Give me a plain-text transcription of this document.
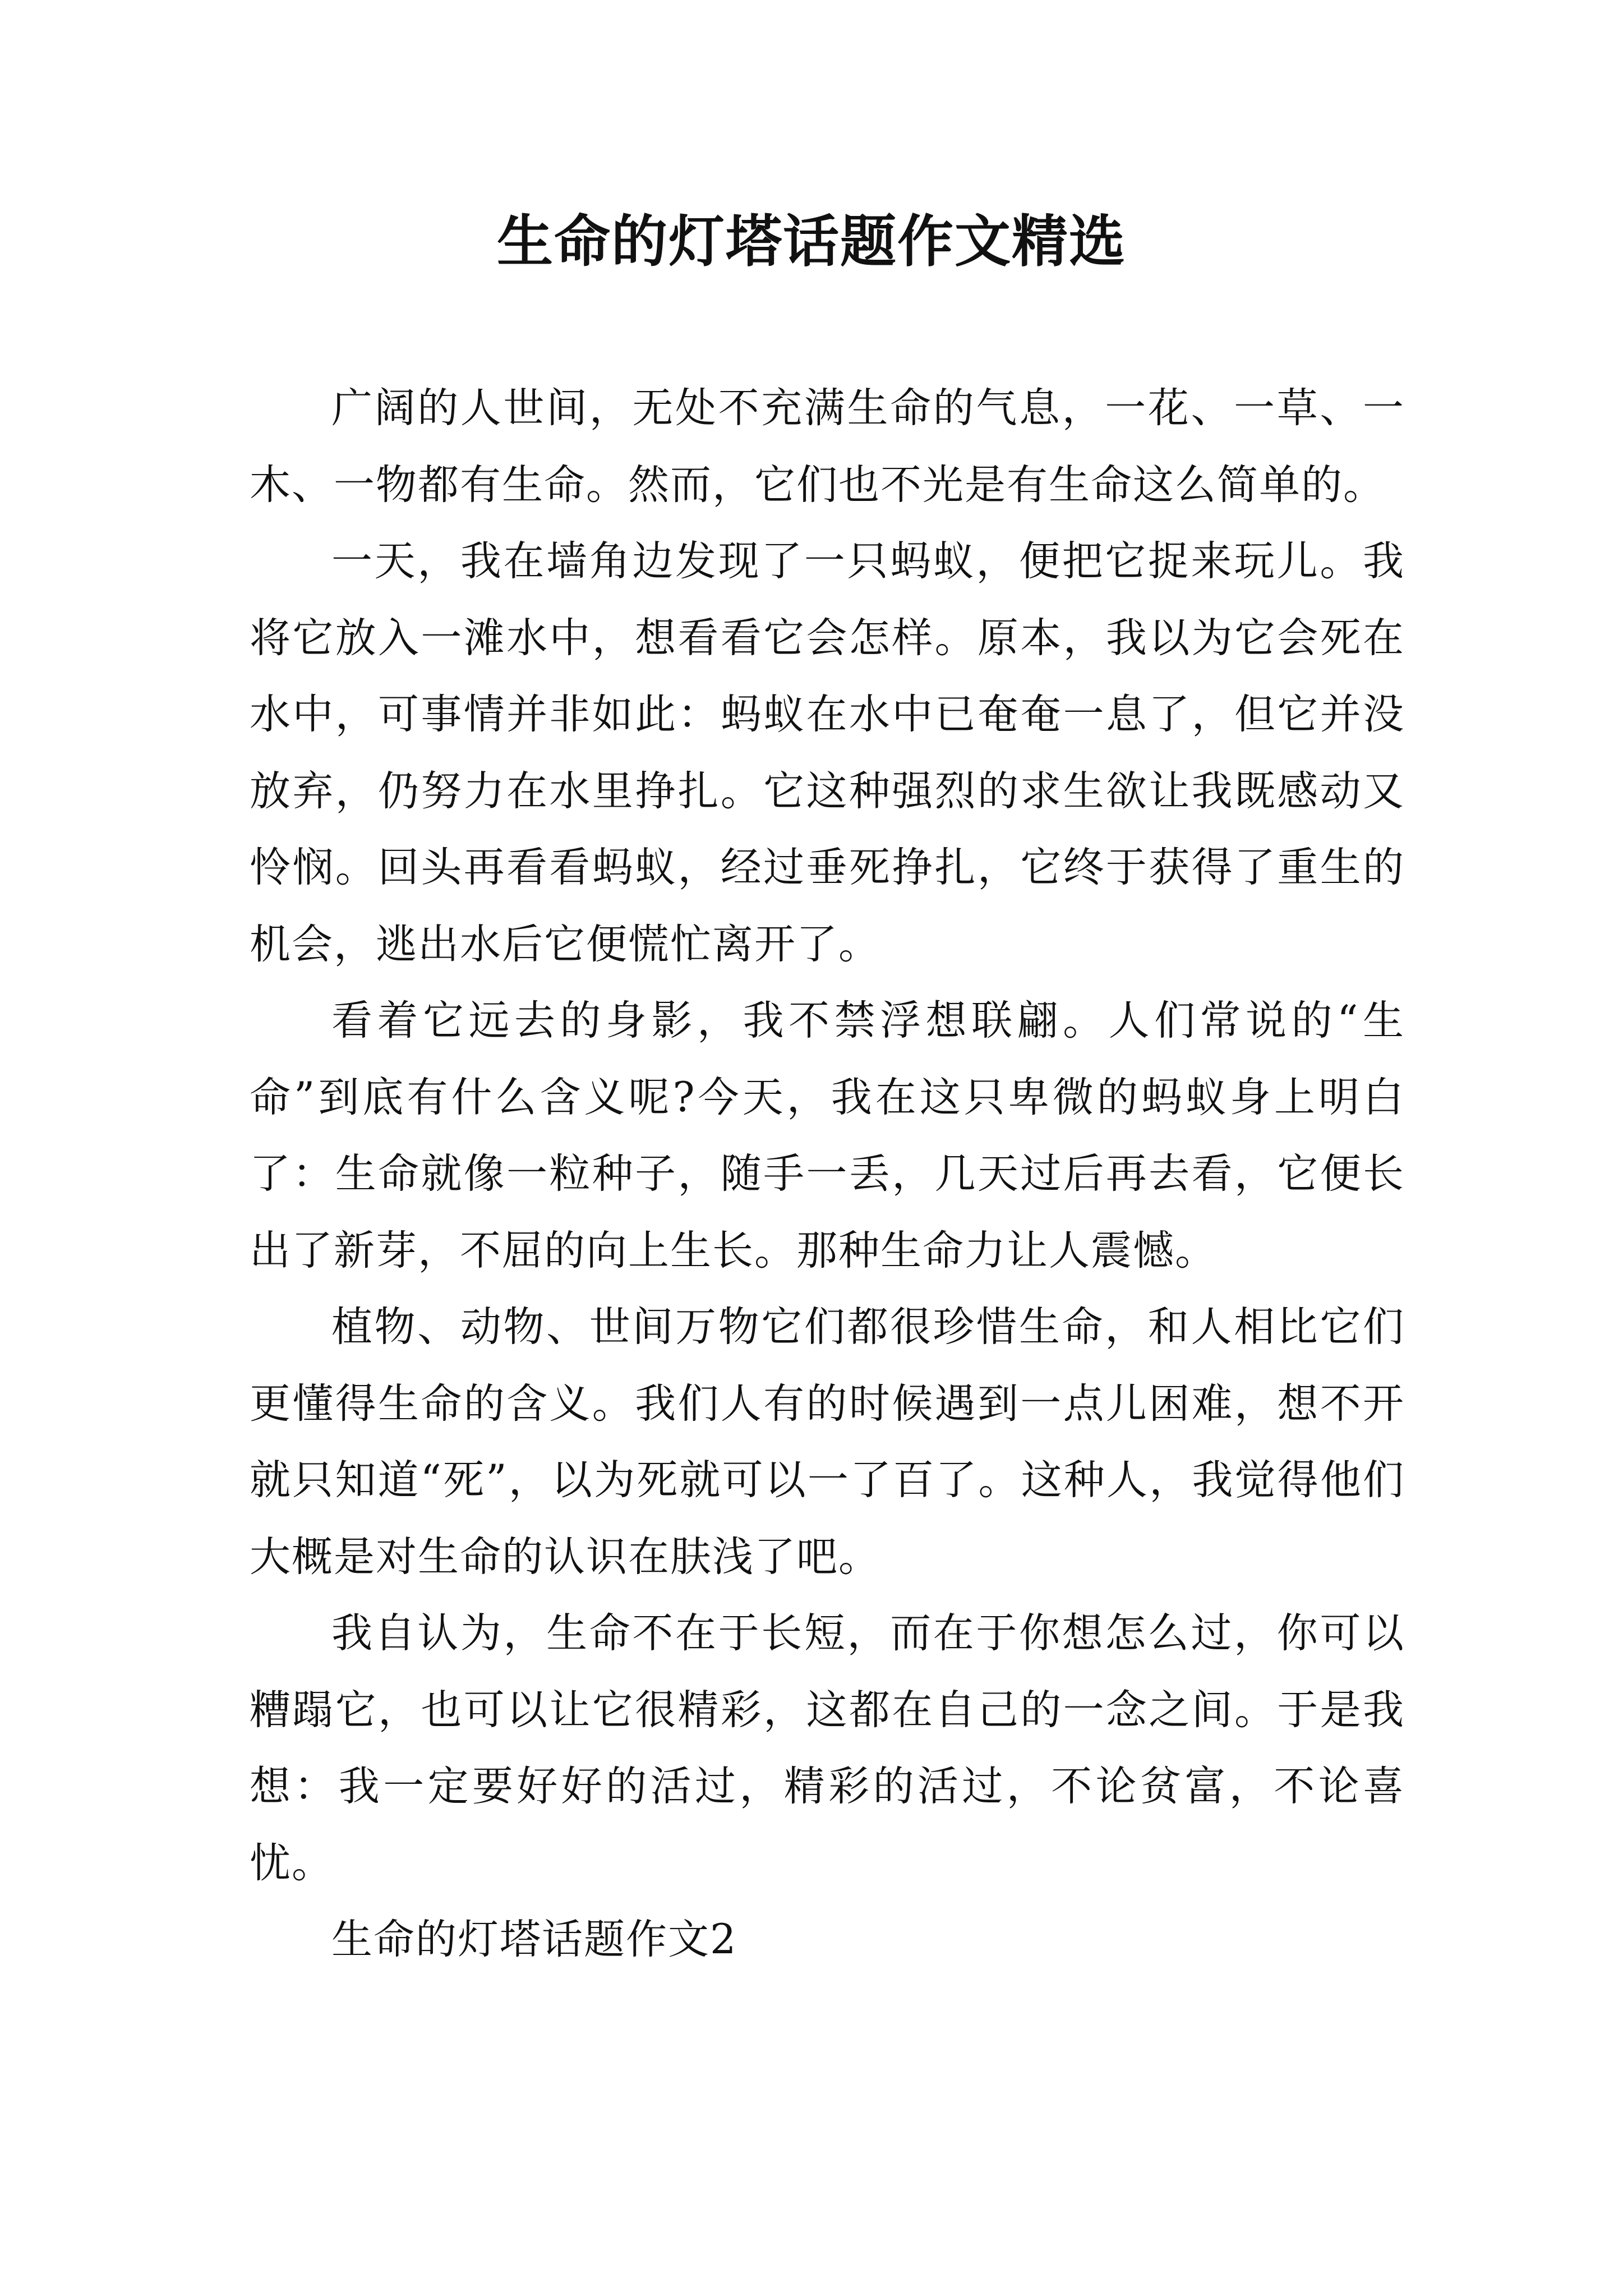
生命的灯塔话题作文精选

广阔的人世间，无处不充满生命的气息，一花、一草、一木、一物都有生命。然而，它们也不光是有生命这么简单的。

一天，我在墙角边发现了一只蚂蚁，便把它捉来玩儿。我将它放入一滩水中，想看看它会怎样。原本，我以为它会死在水中，可事情并非如此：蚂蚁在水中已奄奄一息了，但它并没放弃，仍努力在水里挣扎。它这种强烈的求生欲让我既感动又怜悯。回头再看看蚂蚁，经过垂死挣扎，它终于获得了重生的机会，逃出水后它便慌忙离开了。

看着它远去的身影，我不禁浮想联翩。人们常说的“生命”到底有什么含义呢?今天，我在这只卑微的蚂蚁身上明白了：生命就像一粒种子，随手一丢，几天过后再去看，它便长出了新芽，不屈的向上生长。那种生命力让人震憾。

植物、动物、世间万物它们都很珍惜生命，和人相比它们更懂得生命的含义。我们人有的时候遇到一点儿困难，想不开就只知道“死”，以为死就可以一了百了。这种人，我觉得他们大概是对生命的认识在肤浅了吧。

我自认为，生命不在于长短，而在于你想怎么过，你可以糟蹋它，也可以让它很精彩，这都在自己的一念之间。于是我想：我一定要好好的活过，精彩的活过，不论贫富，不论喜忧。

生命的灯塔话题作文2
